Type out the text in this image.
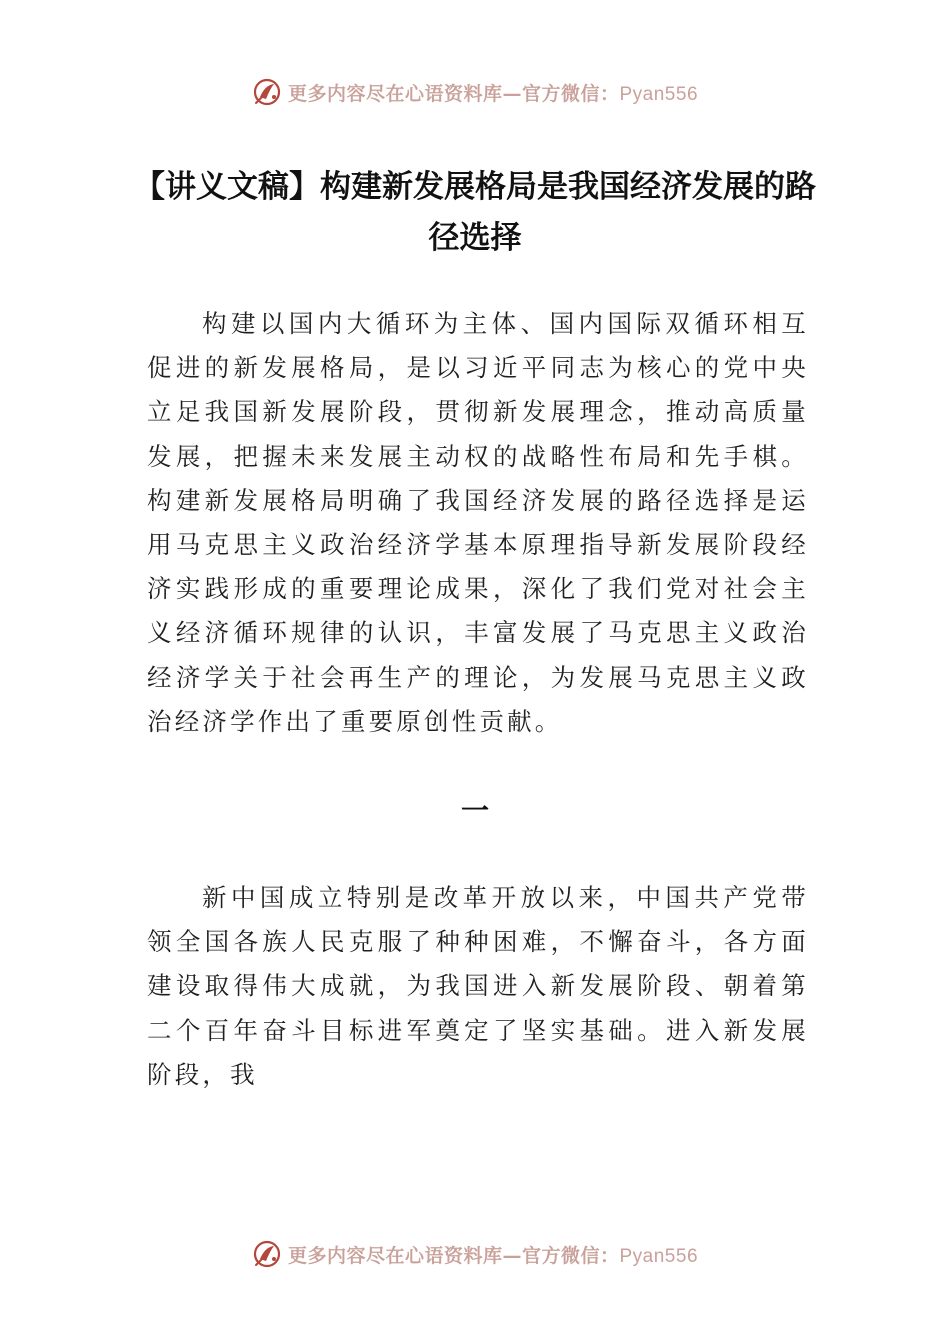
更多内容尽在心语资料库—官方微信：Pyan556
【讲义文稿】构建新发展格局是我国经济发展的路径选择

构建以国内大循环为主体、国内国际双循环相互促进的新发展格局，是以习近平同志为核心的党中央立足我国新发展阶段，贯彻新发展理念，推动高质量发展，把握未来发展主动权的战略性布局和先手棋。构建新发展格局明确了我国经济发展的路径选择是运用马克思主义政治经济学基本原理指导新发展阶段经济实践形成的重要理论成果，深化了我们党对社会主义经济循环规律的认识，丰富发展了马克思主义政治经济学关于社会再生产的理论，为发展马克思主义政治经济学作出了重要原创性贡献。

一

新中国成立特别是改革开放以来，中国共产党带领全国各族人民克服了种种困难，不懈奋斗，各方面建设取得伟大成就，为我国进入新发展阶段、朝着第二个百年奋斗目标进军奠定了坚实基础。进入新发展阶段，我

更多内容尽在心语资料库—官方微信：Pyan556
